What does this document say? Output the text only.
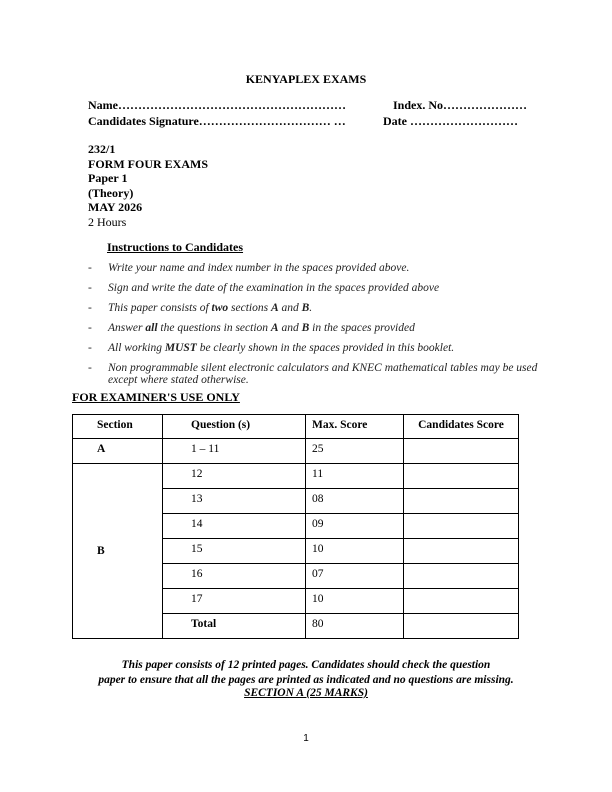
KENYAPLEX EXAMS
Name…………………………………………………	Index. No…………………
Candidates Signature…………………………… …	Date ………………………
232/1
FORM FOUR EXAMS
Paper 1
(Theory)
MAY 2026
2 Hours
Instructions to Candidates
- Write your name and index number in the spaces provided above.
- Sign and write the date of the examination in the spaces provided above
- This paper consists of two sections A and B.
- Answer all the questions in section A and B in the spaces provided
- All working MUST be clearly shown in the spaces provided in this booklet.
- Non programmable silent electronic calculators and KNEC mathematical tables may be used except where stated otherwise.
FOR EXAMINER'S USE ONLY
Section	Question (s)	Max. Score	Candidates Score
A	1 – 11	25	
B	12	11	
	13	08	
	14	09	
	15	10	
	16	07	
	17	10	
	Total	80	
This paper consists of 12 printed pages. Candidates should check the question
paper to ensure that all the pages are printed as indicated and no questions are missing.
SECTION A (25 MARKS)
1
